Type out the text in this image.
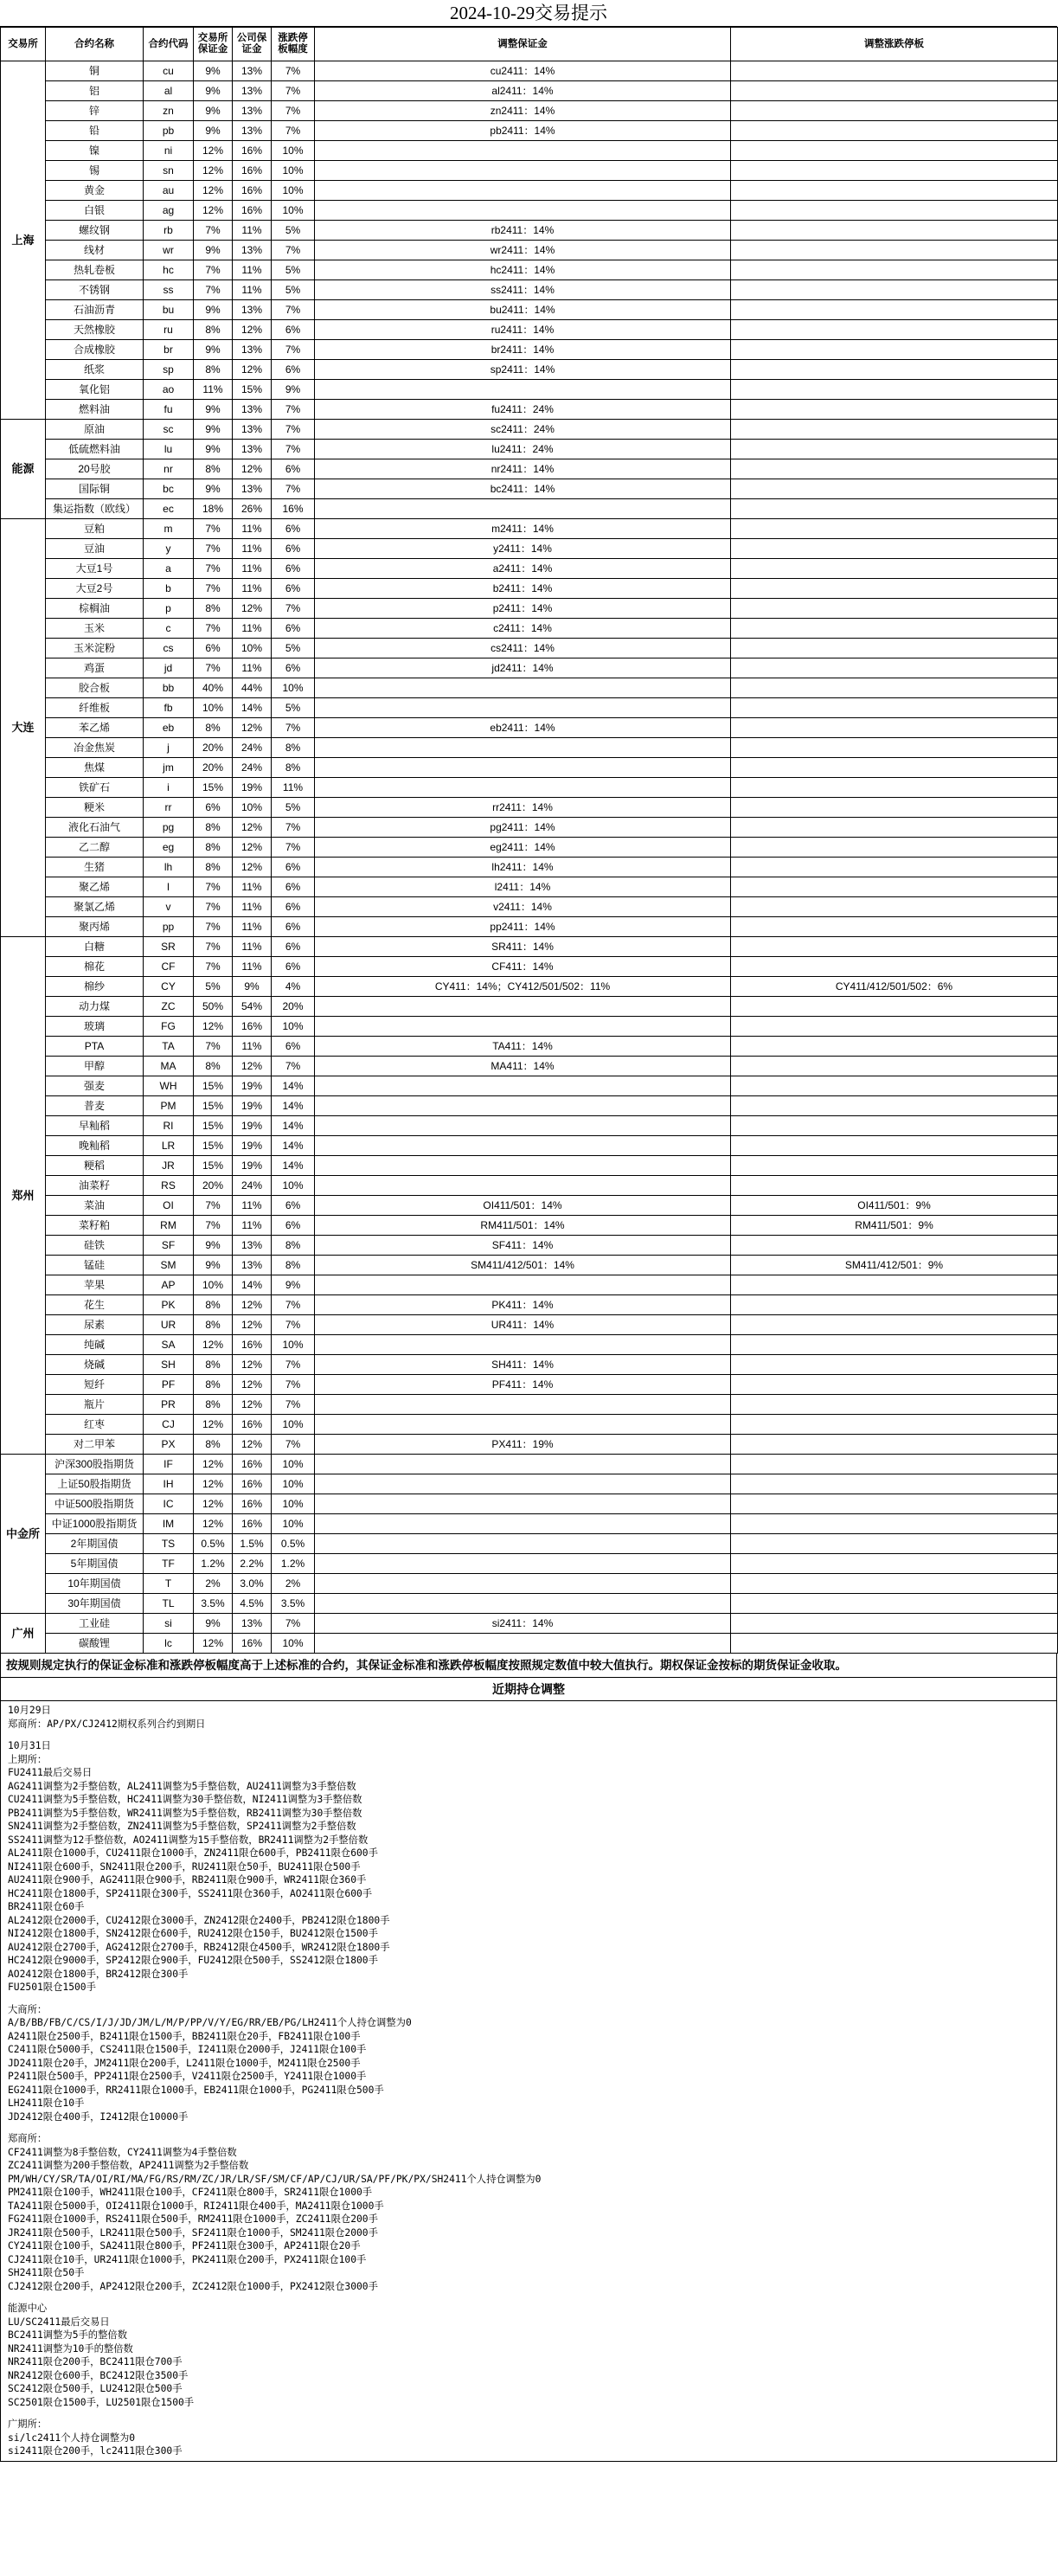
2024-10-29交易提示
交易所	合约名称	合约代码	交易所保证金	公司保证金	涨跌停板幅度	调整保证金	调整涨跌停板
上海	铜	cu	9%	13%	7%	cu2411：14%	
	铝	al	9%	13%	7%	al2411：14%	
	锌	zn	9%	13%	7%	zn2411：14%	
	铅	pb	9%	13%	7%	pb2411：14%	
	镍	ni	12%	16%	10%		
	锡	sn	12%	16%	10%		
	黄金	au	12%	16%	10%		
	白银	ag	12%	16%	10%		
	螺纹钢	rb	7%	11%	5%	rb2411：14%	
	线材	wr	9%	13%	7%	wr2411：14%	
	热轧卷板	hc	7%	11%	5%	hc2411：14%	
	不锈钢	ss	7%	11%	5%	ss2411：14%	
	石油沥青	bu	9%	13%	7%	bu2411：14%	
	天然橡胶	ru	8%	12%	6%	ru2411：14%	
	合成橡胶	br	9%	13%	7%	br2411：14%	
	纸浆	sp	8%	12%	6%	sp2411：14%	
	氧化铝	ao	11%	15%	9%		
	燃料油	fu	9%	13%	7%	fu2411：24%	
能源	原油	sc	9%	13%	7%	sc2411：24%	
	低硫燃料油	lu	9%	13%	7%	lu2411：24%	
	20号胶	nr	8%	12%	6%	nr2411：14%	
	国际铜	bc	9%	13%	7%	bc2411：14%	
	集运指数（欧线）	ec	18%	26%	16%		
大连	豆粕	m	7%	11%	6%	m2411：14%	
	豆油	y	7%	11%	6%	y2411：14%	
	大豆1号	a	7%	11%	6%	a2411：14%	
	大豆2号	b	7%	11%	6%	b2411：14%	
	棕榈油	p	8%	12%	7%	p2411：14%	
	玉米	c	7%	11%	6%	c2411：14%	
	玉米淀粉	cs	6%	10%	5%	cs2411：14%	
	鸡蛋	jd	7%	11%	6%	jd2411：14%	
	胶合板	bb	40%	44%	10%		
	纤维板	fb	10%	14%	5%		
	苯乙烯	eb	8%	12%	7%	eb2411：14%	
	冶金焦炭	j	20%	24%	8%		
	焦煤	jm	20%	24%	8%		
	铁矿石	i	15%	19%	11%		
	粳米	rr	6%	10%	5%	rr2411：14%	
	液化石油气	pg	8%	12%	7%	pg2411：14%	
	乙二醇	eg	8%	12%	7%	eg2411：14%	
	生猪	lh	8%	12%	6%	lh2411：14%	
	聚乙烯	l	7%	11%	6%	l2411：14%	
	聚氯乙烯	v	7%	11%	6%	v2411：14%	
	聚丙烯	pp	7%	11%	6%	pp2411：14%	
郑州	白糖	SR	7%	11%	6%	SR411：14%	
	棉花	CF	7%	11%	6%	CF411：14%	
	棉纱	CY	5%	9%	4%	CY411：14%；CY412/501/502：11%	CY411/412/501/502：6%
	动力煤	ZC	50%	54%	20%		
	玻璃	FG	12%	16%	10%		
	PTA	TA	7%	11%	6%	TA411：14%	
	甲醇	MA	8%	12%	7%	MA411：14%	
	强麦	WH	15%	19%	14%		
	普麦	PM	15%	19%	14%		
	早籼稻	RI	15%	19%	14%		
	晚籼稻	LR	15%	19%	14%		
	粳稻	JR	15%	19%	14%		
	油菜籽	RS	20%	24%	10%		
	菜油	OI	7%	11%	6%	OI411/501：14%	OI411/501：9%
	菜籽粕	RM	7%	11%	6%	RM411/501：14%	RM411/501：9%
	硅铁	SF	9%	13%	8%	SF411：14%	
	锰硅	SM	9%	13%	8%	SM411/412/501：14%	SM411/412/501：9%
	苹果	AP	10%	14%	9%		
	花生	PK	8%	12%	7%	PK411：14%	
	尿素	UR	8%	12%	7%	UR411：14%	
	纯碱	SA	12%	16%	10%		
	烧碱	SH	8%	12%	7%	SH411：14%	
	短纤	PF	8%	12%	7%	PF411：14%	
	瓶片	PR	8%	12%	7%		
	红枣	CJ	12%	16%	10%		
	对二甲苯	PX	8%	12%	7%	PX411：19%	
中金所	沪深300股指期货	IF	12%	16%	10%		
	上证50股指期货	IH	12%	16%	10%		
	中证500股指期货	IC	12%	16%	10%		
	中证1000股指期货	IM	12%	16%	10%		
	2年期国债	TS	0.5%	1.5%	0.5%		
	5年期国债	TF	1.2%	2.2%	1.2%		
	10年期国债	T	2%	3.0%	2%		
	30年期国债	TL	3.5%	4.5%	3.5%		
广州	工业硅	si	9%	13%	7%	si2411：14%	
	碳酸锂	lc	12%	16%	10%		
按规则规定执行的保证金标准和涨跌停板幅度高于上述标准的合约，其保证金标准和涨跌停板幅度按照规定数值中较大值执行。期权保证金按标的期货保证金收取。
近期持仓调整
10月29日
郑商所：AP/PX/CJ2412期权系列合约到期日
10月31日
上期所：
FU2411最后交易日
AG2411调整为2手整倍数，AL2411调整为5手整倍数，AU2411调整为3手整倍数
CU2411调整为5手整倍数，HC2411调整为30手整倍数，NI2411调整为3手整倍数
PB2411调整为5手整倍数，WR2411调整为5手整倍数，RB2411调整为30手整倍数
SN2411调整为2手整倍数，ZN2411调整为5手整倍数，SP2411调整为2手整倍数
SS2411调整为12手整倍数，AO2411调整为15手整倍数，BR2411调整为2手整倍数
AL2411限仓1000手，CU2411限仓1000手，ZN2411限仓600手，PB2411限仓600手
NI2411限仓600手，SN2411限仓200手，RU2411限仓50手，BU2411限仓500手
AU2411限仓900手，AG2411限仓900手，RB2411限仓900手，WR2411限仓360手
HC2411限仓1800手，SP2411限仓300手，SS2411限仓360手，AO2411限仓600手
BR2411限仓60手
AL2412限仓2000手，CU2412限仓3000手，ZN2412限仓2400手，PB2412限仓1800手
NI2412限仓1800手，SN2412限仓600手，RU2412限仓150手，BU2412限仓1500手
AU2412限仓2700手，AG2412限仓2700手，RB2412限仓4500手，WR2412限仓1800手
HC2412限仓9000手，SP2412限仓900手，FU2412限仓500手，SS2412限仓1800手
AO2412限仓1800手，BR2412限仓300手
FU2501限仓1500手
大商所：
A/B/BB/FB/C/CS/I/J/JD/JM/L/M/P/PP/V/Y/EG/RR/EB/PG/LH2411个人持仓调整为0
A2411限仓2500手，B2411限仓1500手，BB2411限仓20手，FB2411限仓100手
C2411限仓5000手，CS2411限仓1500手，I2411限仓2000手，J2411限仓100手
JD2411限仓20手，JM2411限仓200手，L2411限仓1000手，M2411限仓2500手
P2411限仓500手，PP2411限仓2500手，V2411限仓2500手，Y2411限仓1000手
EG2411限仓1000手，RR2411限仓1000手，EB2411限仓1000手，PG2411限仓500手
LH2411限仓10手
JD2412限仓400手，I2412限仓10000手
郑商所：
CF2411调整为8手整倍数，CY2411调整为4手整倍数
ZC2411调整为200手整倍数，AP2411调整为2手整倍数
PM/WH/CY/SR/TA/OI/RI/MA/FG/RS/RM/ZC/JR/LR/SF/SM/CF/AP/CJ/UR/SA/PF/PK/PX/SH2411个人持仓调整为0
PM2411限仓100手，WH2411限仓100手，CF2411限仓800手，SR2411限仓1000手
TA2411限仓5000手，OI2411限仓1000手，RI2411限仓400手，MA2411限仓1000手
FG2411限仓1000手，RS2411限仓500手，RM2411限仓1000手，ZC2411限仓200手
JR2411限仓500手，LR2411限仓500手，SF2411限仓1000手，SM2411限仓2000手
CY2411限仓100手，SA2411限仓800手，PF2411限仓300手，AP2411限仓20手
CJ2411限仓10手，UR2411限仓1000手，PK2411限仓200手，PX2411限仓100手
SH2411限仓50手
CJ2412限仓200手，AP2412限仓200手，ZC2412限仓1000手，PX2412限仓3000手
能源中心
LU/SC2411最后交易日
BC2411调整为5手的整倍数
NR2411调整为10手的整倍数
NR2411限仓200手，BC2411限仓700手
NR2412限仓600手，BC2412限仓3500手
SC2412限仓500手，LU2412限仓500手
SC2501限仓1500手，LU2501限仓1500手
广期所：
si/lc2411个人持仓调整为0
si2411限仓200手，lc2411限仓300手
